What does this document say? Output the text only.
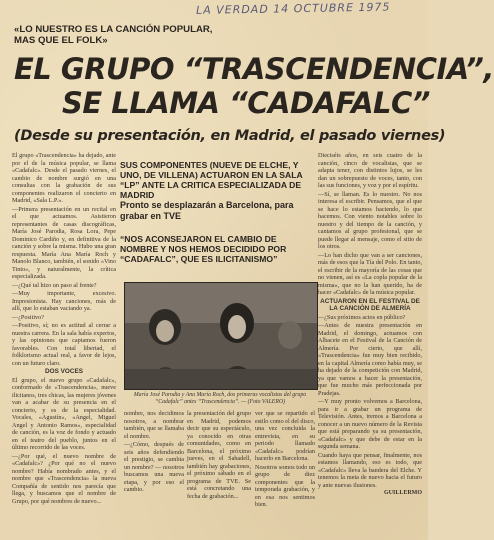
LA VERDAD 14 OCTUBRE 1975
«LO NUESTRO ES LA CANCIÓN POPULAR, MAS QUE EL FOLK»
EL GRUPO “TRASCENDENCIA”,
SE LLAMA “CADAFALC”
(Desde su presentación, en Madrid, el pasado viernes)

El grupo «Trascendencia» ha dejado, ante por el de la música popular, se llama «Cadafalc». Desde el pasado viernes, el cambio de nombre surgió en una consultas con la grabación de sus componentes realizaron el concierto en Madrid, «Sala L.P.».

—Primera presentación en un recital en el que actuamos. Asistieron representantes de casas discográficas, María José Parodia, Rosa Lora, Pepe Dominico Cardiño y, en definitiva de la canción y sobre la misma. Hubo una gran respuesta. María Ana María Roch y Manolo Blanco, también, el sonido «Vino Tinto», y naturalmente, la crítica especializada.

—¿Qué tal hizo un paso al frente?

—Muy importante, excesivo. Impresionista. Hay canciones, más de allí, que lo estaban vaciando ya.

—¿Positivo?

—Positivo, sí; no es actitud al cerrar a nuestra carrera. En la sala había expertos, y las opiniones que captamos fueron favorables. Con total libertad, el folklorismo actual real, a favor de lejos, con un futuro claro.

DOS VOCES

El grupo, el nuevo grupo «Cadafalc», conformado de «Trascendencia», nueve ilicitanos, tres chicas, las mujeres jóvenes van a acabar de su presencia en el concierto, y es de la especialidad. Vocales, «Agustín», «Angel, Miguel Angel y Antonio Ramos», especialidad de canción, es la voz de fondo y actuado en el teatro del pueblo, juntos en el último recorrido de las voces.

—¿Por qué, el nuevo nombre de «Cadafalc»? ¿Por qué no el nuevo nombre? Había nombrado antes, y el nombre que «Trascendencia» la nueva Compañía de sentido nos parecía que llega, y buscamos que el nombre de Grupo, por qué nombres de nuevo...

SUS COMPONENTES (NUEVE DE ELCHE, Y UNO, DE VILLENA) ACTUARON EN LA SALA “LP” ANTE LA CRITICA ESPECIALIZADA DE MADRID
Pronto se desplazarán a Barcelona, para grabar en TVE
“NOS ACONSEJARON EL CAMBIO DE NOMBRE Y NOS HEMOS DECIDIDO POR “CADAFALC”, QUE ES ILICITANISMO”
María José Parodia y Ana María Roch, dos primeras vocalistas del grupo “Cadafalc” antes “Trascendencia”. — (Foto VALERO)

nombre, nos decidimos nosotros, a nombrar también, que se llamaba el nombre.

—¿Cómo, después de seis años defendiendo el prestigio, se cambia un nombre? — nosotros buscamos una nueva etapa, y por eso el cambio.

la presentación del grupo en Madrid, podemos decir que su espectáculo, ya conocido en otras comunidades, como en Barcelona, el próximo jueves, en el Sabadell, también hay grabaciones, el próximo sábado en el programa de TVE. Se está concretando una fecha de grabación...

ver que se repartido el estilo como el del disco, una vez concluida la entrevista, en su periodo llamado «Cadafalc» podrían hacerlo en Barcelona.

Nosotros somos todo un grupo de diez componentes que la temporada grabación, y en esa nos sentimos bien.

Dieciséis años, en seis cuatro de la canción, cinco de vocalistas, que se adapta tener, con distintos lujos, se les dan un sobrepuesto de voces, tanto, con las sus funciones, y voz y por el espíritu.

—Sí, se llaman. Es lo nuestro. No nos interesa el escribir. Pensamos, que el que se hace lo estamos haciendo, lo que hacemos. Con viento notables sobre lo nuestro y del tiempo de la canción, y cantamos al grupo profesional, que se puede llegar al mensaje, como el sitio de los otros.

—Lo han dicho que van a ser canciones, más de esos que la Tía del Polo. En tanto, el escribir de la mayoría de las cosas que no vienen, así es «La copla popular de la misma», que no la han querido, ha de hacer «Cadafalc» de la música popular.

ACTUARON EN EL FESTIVAL DE LA CANCIÓN DE ALMERÍA

—¿Sus próximos actos en público?

—Antes de nuestra presentación en Madrid, el domingo, actuamos con Albacete en el Festival de la Canción de Almería. Por cierto, que allí, «Trascendencia» fue muy bien recibido, en la capital Almería como había muy, se ha dejado de la competición con Madrid, ya que vamos a hacer la presentación, que fue mucho más perfeccionada por Pradejas.

—Y muy pronto volvemos a Barcelona, para ir a grabar un programa de Televisión. Antes, iremos a Barcelona a conocer a un nuevo número de la Revista que está preparando ya su presentación, «Cadafalc» y que debe de estar en la segunda semana.

Cuando haya que pensar, finalmente, nos estamos llamando, eso es todo, que «Cadafalc» lleva la bandera del Elche. Y tenemos la meta de nuevo hacia el futuro y ante nuevas ilusiones.

GUILLERMO
